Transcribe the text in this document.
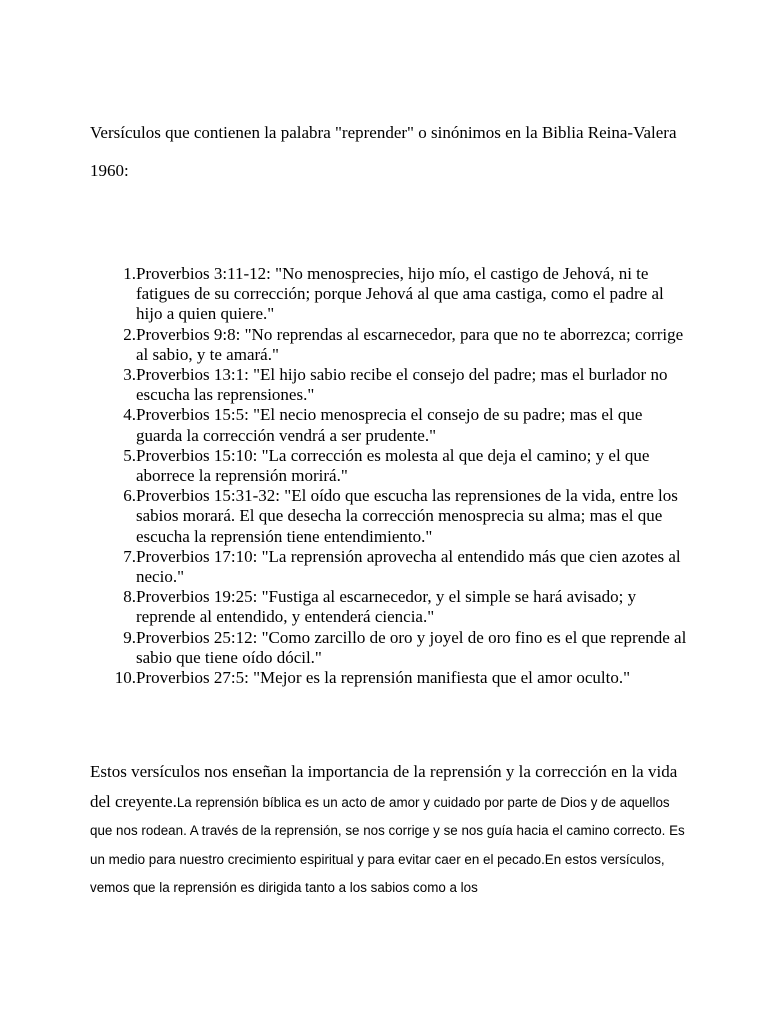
Versículos que contienen la palabra "reprender" o sinónimos en la Biblia Reina-Valera 1960:

1. Proverbios 3:11-12: "No menosprecies, hijo mío, el castigo de Jehová, ni te fatigues de su corrección; porque Jehová al que ama castiga, como el padre al hijo a quien quiere."
2. Proverbios 9:8: "No reprendas al escarnecedor, para que no te aborrezca; corrige al sabio, y te amará."
3. Proverbios 13:1: "El hijo sabio recibe el consejo del padre; mas el burlador no escucha las reprensiones."
4. Proverbios 15:5: "El necio menosprecia el consejo de su padre; mas el que guarda la corrección vendrá a ser prudente."
5. Proverbios 15:10: "La corrección es molesta al que deja el camino; y el que aborrece la reprensión morirá."
6. Proverbios 15:31-32: "El oído que escucha las reprensiones de la vida, entre los sabios morará. El que desecha la corrección menosprecia su alma; mas el que escucha la reprensión tiene entendimiento."
7. Proverbios 17:10: "La reprensión aprovecha al entendido más que cien azotes al necio."
8. Proverbios 19:25: "Fustiga al escarnecedor, y el simple se hará avisado; y reprende al entendido, y entenderá ciencia."
9. Proverbios 25:12: "Como zarcillo de oro y joyel de oro fino es el que reprende al sabio que tiene oído dócil."
10. Proverbios 27:5: "Mejor es la reprensión manifiesta que el amor oculto."

Estos versículos nos enseñan la importancia de la reprensión y la corrección en la vida del creyente.La reprensión bíblica es un acto de amor y cuidado por parte de Dios y de aquellos que nos rodean. A través de la reprensión, se nos corrige y se nos guía hacia el camino correcto. Es un medio para nuestro crecimiento espiritual y para evitar caer en el pecado.En estos versículos, vemos que la reprensión es dirigida tanto a los sabios como a los
